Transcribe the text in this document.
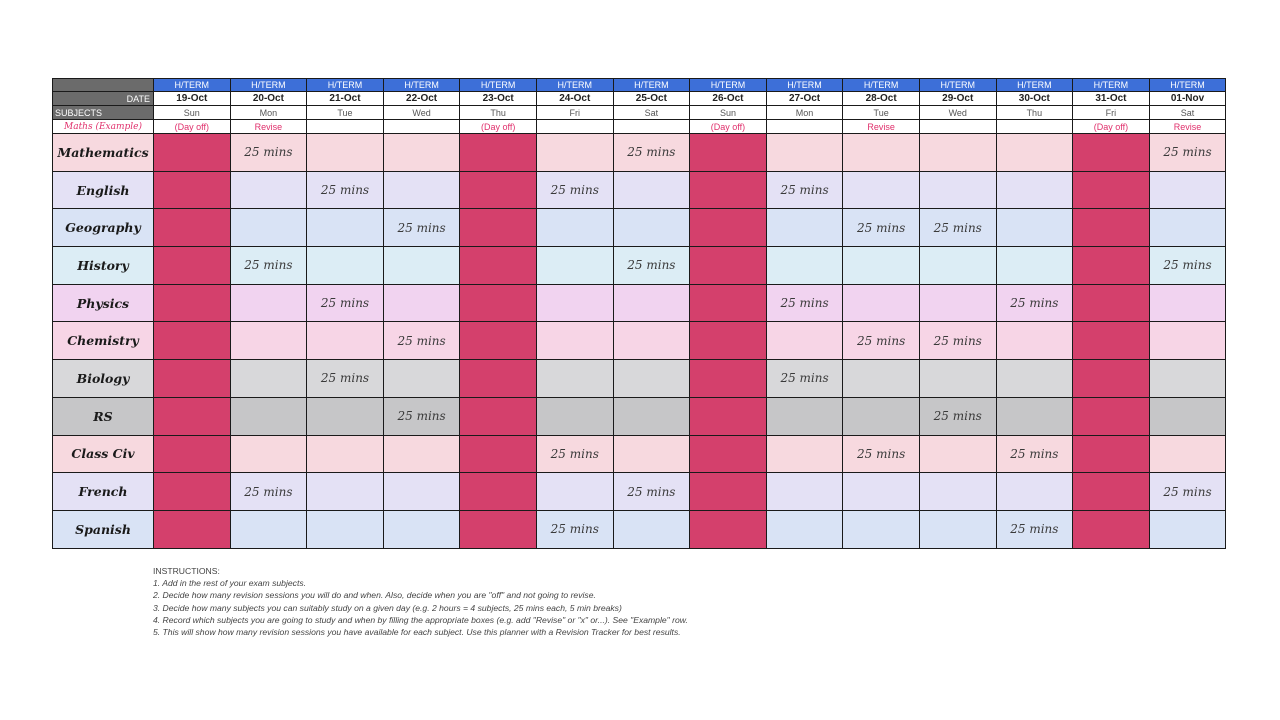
	H/TERM	H/TERM	H/TERM	H/TERM	H/TERM	H/TERM	H/TERM	H/TERM	H/TERM	H/TERM	H/TERM	H/TERM	H/TERM	H/TERM
DATE	19-Oct	20-Oct	21-Oct	22-Oct	23-Oct	24-Oct	25-Oct	26-Oct	27-Oct	28-Oct	29-Oct	30-Oct	31-Oct	01-Nov
SUBJECTS	Sun	Mon	Tue	Wed	Thu	Fri	Sat	Sun	Mon	Tue	Wed	Thu	Fri	Sat
Maths (Example)	(Day off)	Revise			(Day off)			(Day off)		Revise			(Day off)	Revise
Mathematics		25 mins					25 mins							25 mins
English			25 mins			25 mins			25 mins					
Geography				25 mins						25 mins	25 mins			
History		25 mins					25 mins							25 mins
Physics			25 mins						25 mins			25 mins		
Chemistry				25 mins						25 mins	25 mins			
Biology			25 mins						25 mins					
RS				25 mins							25 mins			
Class Civ						25 mins				25 mins		25 mins		
French		25 mins					25 mins							25 mins
Spanish						25 mins						25 mins		
INSTRUCTIONS:
1. Add in the rest of your exam subjects.
2. Decide how many revision sessions you will do and when. Also, decide when you are "off" and not going to revise.
3. Decide how many subjects you can suitably study on a given day (e.g. 2 hours = 4 subjects, 25 mins each, 5 min breaks)
4. Record which subjects you are going to study and when by filling the appropriate boxes (e.g. add "Revise" or "x" or...). See "Example" row.
5. This will show how many revision sessions you have available for each subject. Use this planner with a Revision Tracker for best results.
